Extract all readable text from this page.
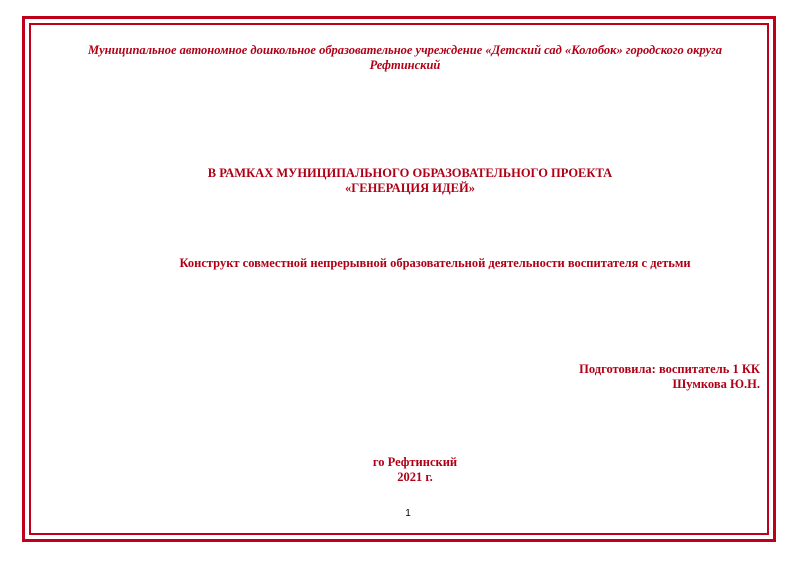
Муниципальное автономное дошкольное образовательное учреждение «Детский сад «Колобок» городского округа Рефтинский
В РАМКАХ МУНИЦИПАЛЬНОГО ОБРАЗОВАТЕЛЬНОГО ПРОЕКТА
«ГЕНЕРАЦИЯ ИДЕЙ»
Конструкт совместной непрерывной образовательной деятельности воспитателя с детьми
Подготовила: воспитатель 1 КК
Шумкова Ю.Н.
го Рефтинский
2021 г.
1
